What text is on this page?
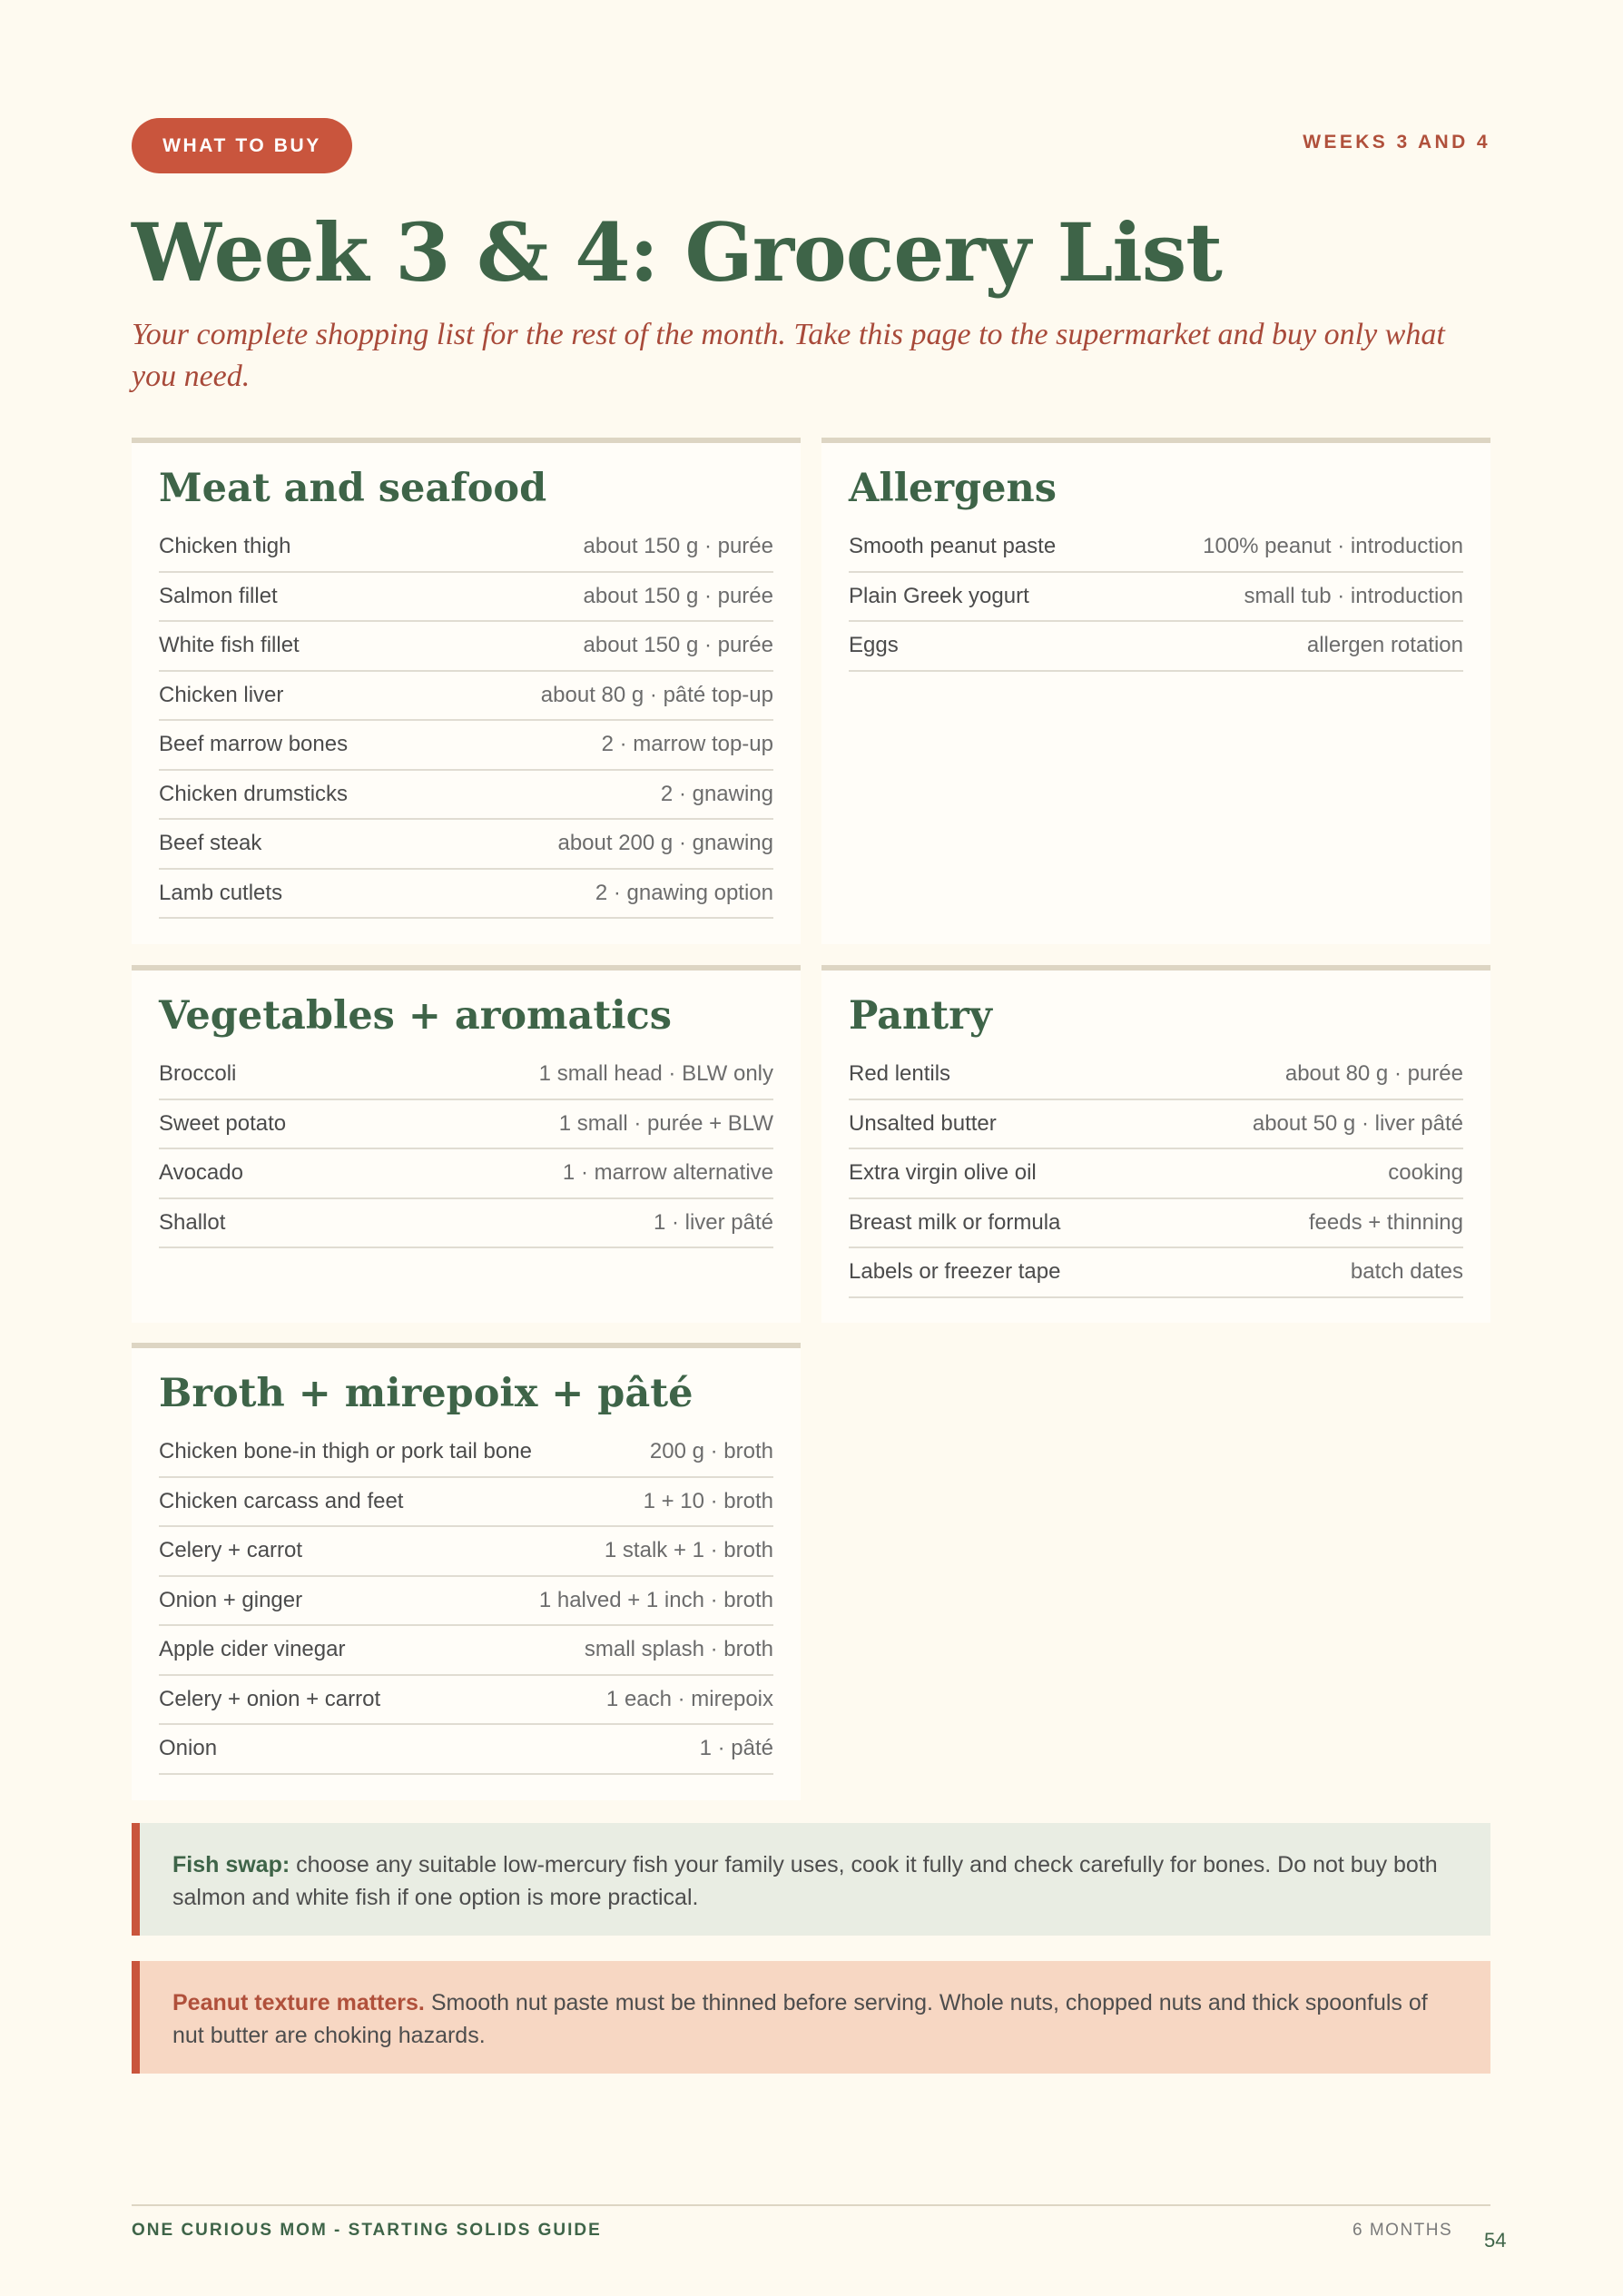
WHAT TO BUY	WEEKS 3 AND 4
Week 3 & 4: Grocery List

Your complete shopping list for the rest of the month. Take this page to the supermarket and buy only what you need.

Meat and seafood
Chicken thigh	about 150 g · purée
Salmon fillet	about 150 g · purée
White fish fillet	about 150 g · purée
Chicken liver	about 80 g · pâté top-up
Beef marrow bones	2 · marrow top-up
Chicken drumsticks	2 · gnawing
Beef steak	about 200 g · gnawing
Lamb cutlets	2 · gnawing option
Allergens
Smooth peanut paste	100% peanut · introduction
Plain Greek yogurt	small tub · introduction
Eggs	allergen rotation
Vegetables + aromatics
Broccoli	1 small head · BLW only
Sweet potato	1 small · purée + BLW
Avocado	1 · marrow alternative
Shallot	1 · liver pâté
Pantry
Red lentils	about 80 g · purée
Unsalted butter	about 50 g · liver pâté
Extra virgin olive oil	cooking
Breast milk or formula	feeds + thinning
Labels or freezer tape	batch dates
Broth + mirepoix + pâté
Chicken bone-in thigh or pork tail bone	200 g · broth
Chicken carcass and feet	1 + 10 · broth
Celery + carrot	1 stalk + 1 · broth
Onion + ginger	1 halved + 1 inch · broth
Apple cider vinegar	small splash · broth
Celery + onion + carrot	1 each · mirepoix
Onion	1 · pâté
Fish swap: choose any suitable low-mercury fish your family uses, cook it fully and check carefully for bones. Do not buy both salmon and white fish if one option is more practical.
Peanut texture matters. Smooth nut paste must be thinned before serving. Whole nuts, chopped nuts and thick spoonfuls of nut butter are choking hazards.
ONE CURIOUS MOM - STARTING SOLIDS GUIDE	6 MONTHS 54
